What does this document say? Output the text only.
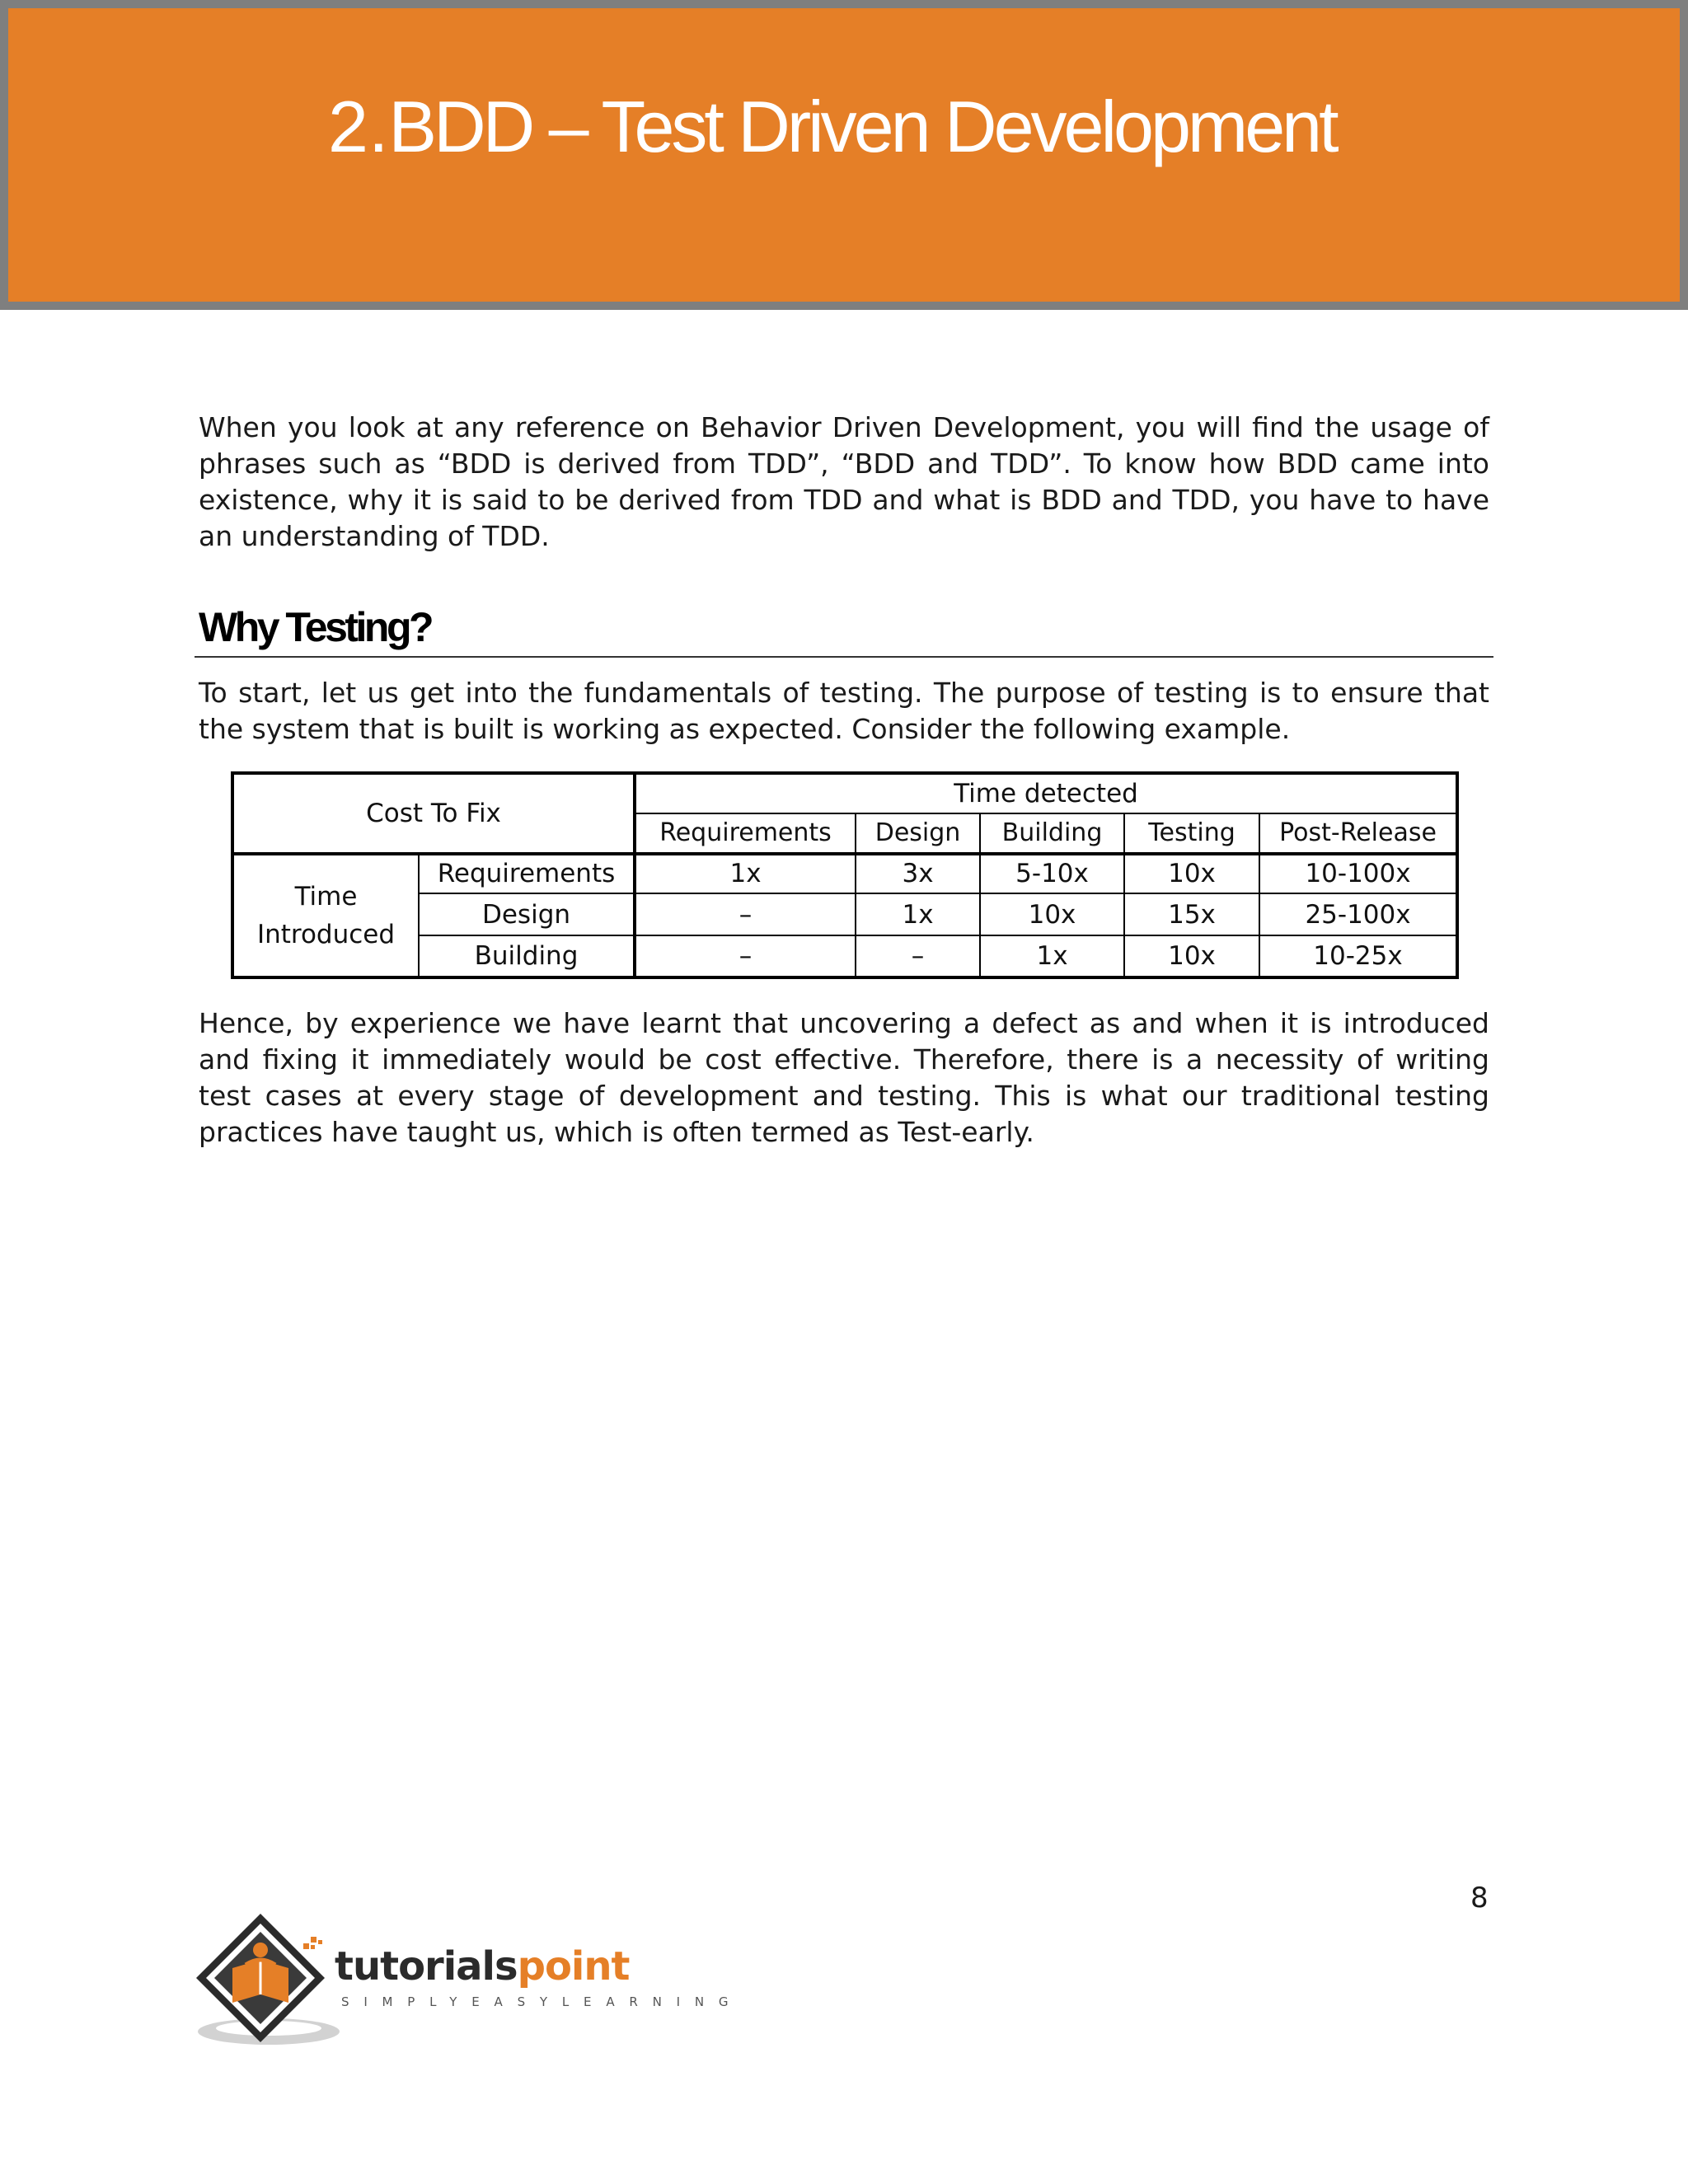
2.BDD – Test Driven Development

When you look at any reference on Behavior Driven Development, you will find the usage of phrases such as “BDD is derived from TDD”, “BDD and TDD”. To know how BDD came into existence, why it is said to be derived from TDD and what is BDD and TDD, you have to have an understanding of TDD.

Why Testing?

To start, let us get into the fundamentals of testing. The purpose of testing is to ensure that the system that is built is working as expected. Consider the following example.

Cost To Fix		Time detected				
		Requirements	Design	Building	Testing	Post-Release
Time Introduced	Requirements	1x	3x	5-10x	10x	10-100x
	Design	–	1x	10x	15x	25-100x
	Building	–	–	1x	10x	10-25x

Hence, by experience we have learnt that uncovering a defect as and when it is introduced and fixing it immediately would be cost effective. Therefore, there is a necessity of writing test cases at every stage of development and testing. This is what our traditional testing practices have taught us, which is often termed as Test-early.

8
tutorialspoint
SIMPLYEASYLEARNING
